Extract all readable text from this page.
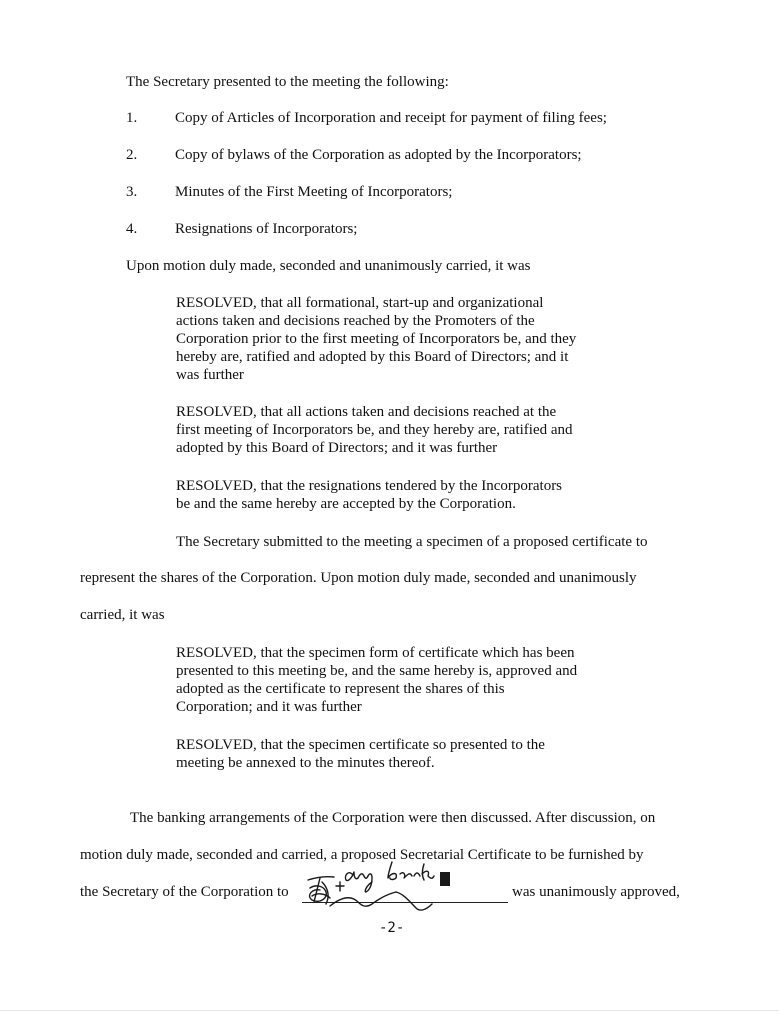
The Secretary presented to the meeting the following:
1.	Copy of Articles of Incorporation and receipt for payment of filing fees;
2.	Copy of bylaws of the Corporation as adopted by the Incorporators;
3.	Minutes of the First Meeting of Incorporators;
4.	Resignations of Incorporators;
Upon motion duly made, seconded and unanimously carried, it was
RESOLVED, that all formational, start-up and organizational
actions taken and decisions reached by the Promoters of the
Corporation prior to the first meeting of Incorporators be, and they
hereby are, ratified and adopted by this Board of Directors; and it
was further
RESOLVED, that all actions taken and decisions reached at the
first meeting of Incorporators be, and they hereby are, ratified and
adopted by this Board of Directors; and it was further
RESOLVED, that the resignations tendered by the Incorporators
be and the same hereby are accepted by the Corporation.
The Secretary submitted to the meeting a specimen of a proposed certificate to
represent the shares of the Corporation. Upon motion duly made, seconded and unanimously
carried, it was
RESOLVED, that the specimen form of certificate which has been
presented to this meeting be, and the same hereby is, approved and
adopted as the certificate to represent the shares of this
Corporation; and it was further
RESOLVED, that the specimen certificate so presented to the
meeting be annexed to the minutes thereof.
The banking arrangements of the Corporation were then discussed. After discussion, on
motion duly made, seconded and carried, a proposed Secretarial Certificate to be furnished by
the Secretary of the Corporation to	was unanimously approved,
-2-
